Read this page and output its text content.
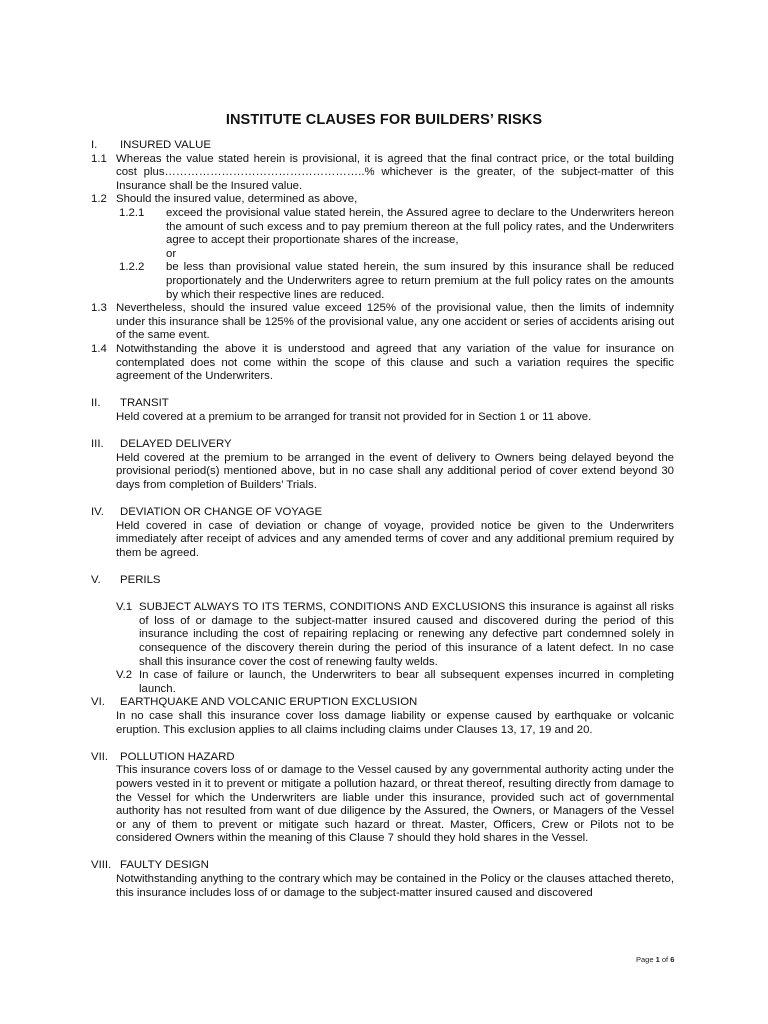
INSTITUTE CLAUSES FOR BUILDERS’ RISKS
I. INSURED VALUE
1.1 Whereas the value stated herein is provisional, it is agreed that the final contract price, or the total building cost plus……………………………………………..% whichever is the greater, of the subject-matter of this Insurance shall be the Insured value.
1.2 Should the insured value, determined as above,
1.2.1 exceed the provisional value stated herein, the Assured agree to declare to the Underwriters hereon the amount of such excess and to pay premium thereon at the full policy rates, and the Underwriters agree to accept their proportionate shares of the increase,
or
1.2.2 be less than provisional value stated herein, the sum insured by this insurance shall be reduced proportionately and the Underwriters agree to return premium at the full policy rates on the amounts by which their respective lines are reduced.
1.3 Nevertheless, should the insured value exceed 125% of the provisional value, then the limits of indemnity under this insurance shall be 125% of the provisional value, any one accident or series of accidents arising out of the same event.
1.4 Notwithstanding the above it is understood and agreed that any variation of the value for insurance on contemplated does not come within the scope of this clause and such a variation requires the specific agreement of the Underwriters.
II. TRANSIT
Held covered at a premium to be arranged for transit not provided for in Section 1 or 11 above.
III. DELAYED DELIVERY
Held covered at the premium to be arranged in the event of delivery to Owners being delayed beyond the provisional period(s) mentioned above, but in no case shall any additional period of cover extend beyond 30 days from completion of Builders’ Trials.
IV. DEVIATION OR CHANGE OF VOYAGE
Held covered in case of deviation or change of voyage, provided notice be given to the Underwriters immediately after receipt of advices and any amended terms of cover and any additional premium required by them be agreed.
V. PERILS
V.1 SUBJECT ALWAYS TO ITS TERMS, CONDITIONS AND EXCLUSIONS this insurance is against all risks of loss of or damage to the subject-matter insured caused and discovered during the period of this insurance including the cost of repairing replacing or renewing any defective part condemned solely in consequence of the discovery therein during the period of this insurance of a latent defect. In no case shall this insurance cover the cost of renewing faulty welds.
V.2 In case of failure or launch, the Underwriters to bear all subsequent expenses incurred in completing launch.
VI. EARTHQUAKE AND VOLCANIC ERUPTION EXCLUSION
In no case shall this insurance cover loss damage liability or expense caused by earthquake or volcanic eruption. This exclusion applies to all claims including claims under Clauses 13, 17, 19 and 20.
VII. POLLUTION HAZARD
This insurance covers loss of or damage to the Vessel caused by any governmental authority acting under the powers vested in it to prevent or mitigate a pollution hazard, or threat thereof, resulting directly from damage to the Vessel for which the Underwriters are liable under this insurance, provided such act of governmental authority has not resulted from want of due diligence by the Assured, the Owners, or Managers of the Vessel or any of them to prevent or mitigate such hazard or threat. Master, Officers, Crew or Pilots not to be considered Owners within the meaning of this Clause 7 should they hold shares in the Vessel.
VIII. FAULTY DESIGN
Notwithstanding anything to the contrary which may be contained in the Policy or the clauses attached thereto, this insurance includes loss of or damage to the subject-matter insured caused and discovered
Page 1 of 6
